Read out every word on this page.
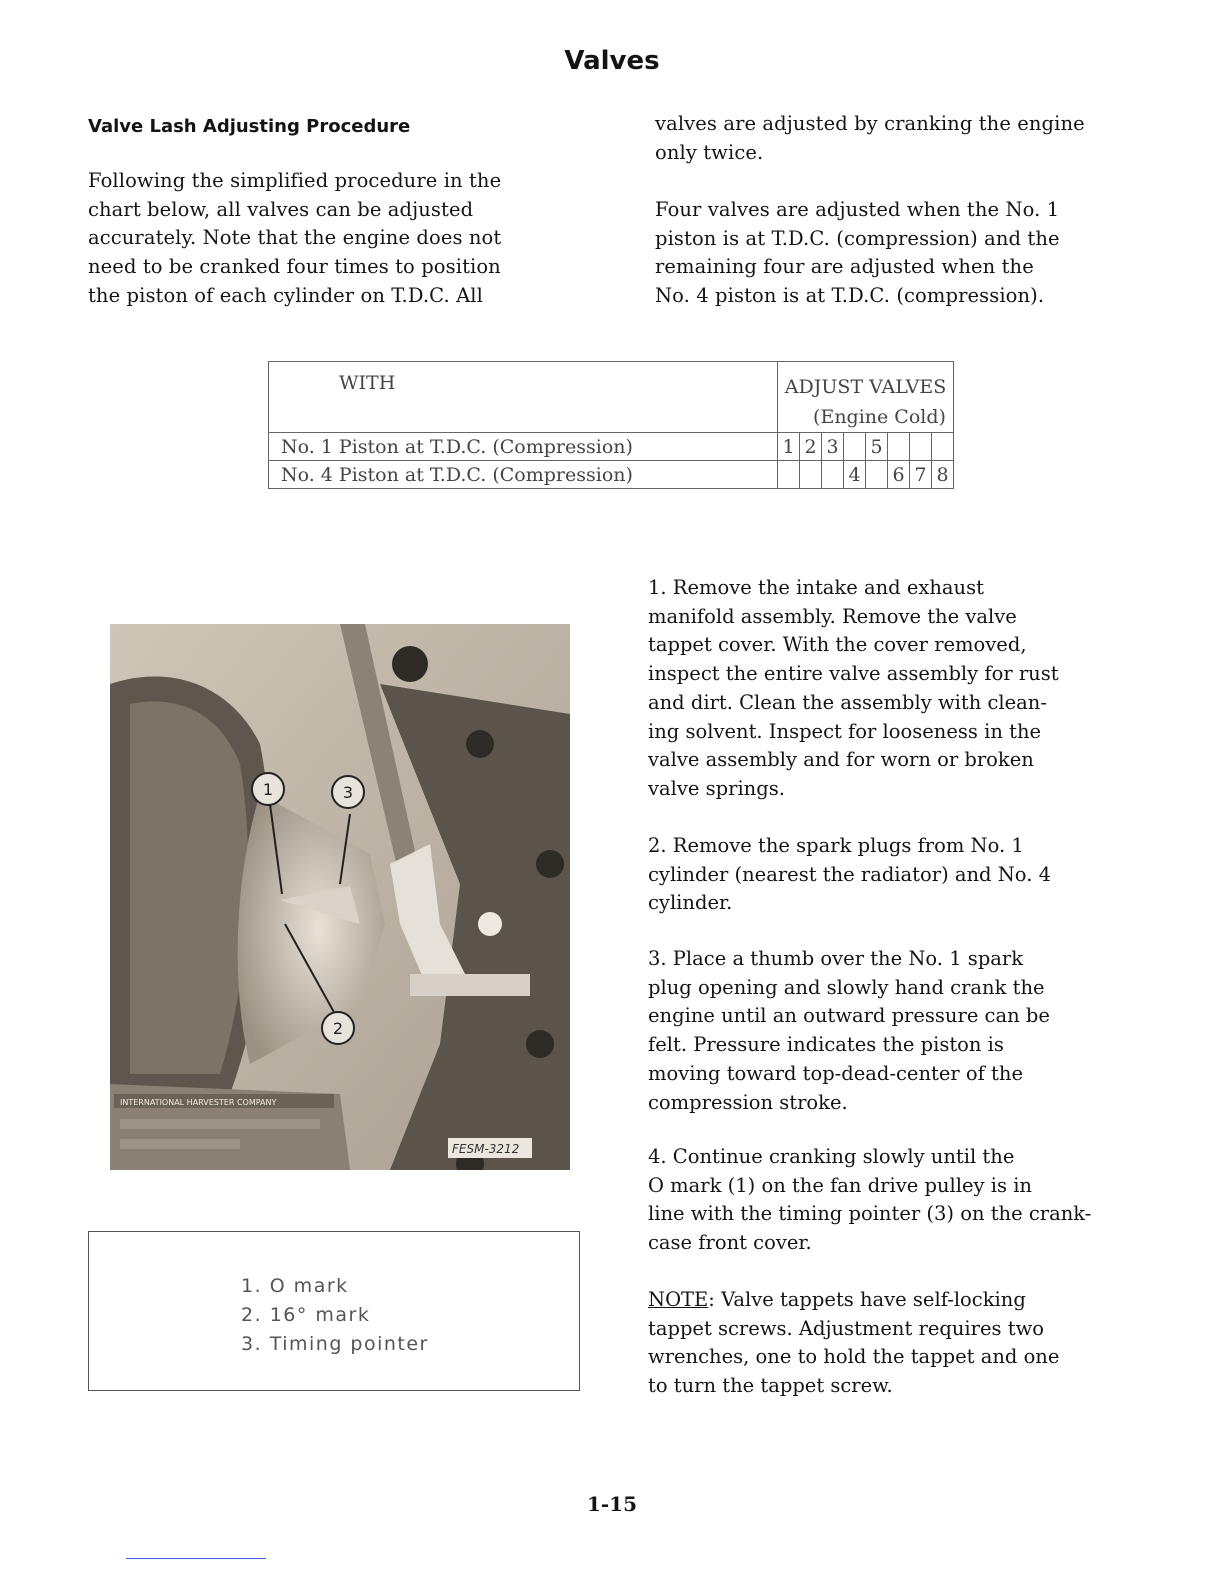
Valves
Valve Lash Adjusting Procedure

Following the simplified procedure in the
chart below, all valves can be adjusted
accurately. Note that the engine does not
need to be cranked four times to position
the piston of each cylinder on T.D.C. All

valves are adjusted by cranking the engine
only twice.

Four valves are adjusted when the No. 1
piston is at T.D.C. (compression) and the
remaining four are adjusted when the
No. 4 piston is at T.D.C. (compression).

WITH	ADJUST VALVES
(Engine Cold)							

No. 1 Piston at T.D.C. (Compression)	1	2	3		5			
No. 4 Piston at T.D.C. (Compression)				4		6	7	8
1	3
2
INTERNATIONAL HARVESTER COMPANY
FESM-3212
1. O mark
2. 16° mark
3. Timing pointer

1. Remove the intake and exhaust
manifold assembly. Remove the valve
tappet cover. With the cover removed,
inspect the entire valve assembly for rust
and dirt. Clean the assembly with clean-
ing solvent. Inspect for looseness in the
valve assembly and for worn or broken
valve springs.

2. Remove the spark plugs from No. 1
cylinder (nearest the radiator) and No. 4
cylinder.

3. Place a thumb over the No. 1 spark
plug opening and slowly hand crank the
engine until an outward pressure can be
felt. Pressure indicates the piston is
moving toward top-dead-center of the
compression stroke.

4. Continue cranking slowly until the
O mark (1) on the fan drive pulley is in
line with the timing pointer (3) on the crank-
case front cover.

NOTE: Valve tappets have self-locking
tappet screws. Adjustment requires two
wrenches, one to hold the tappet and one
to turn the tappet screw.

1-15
